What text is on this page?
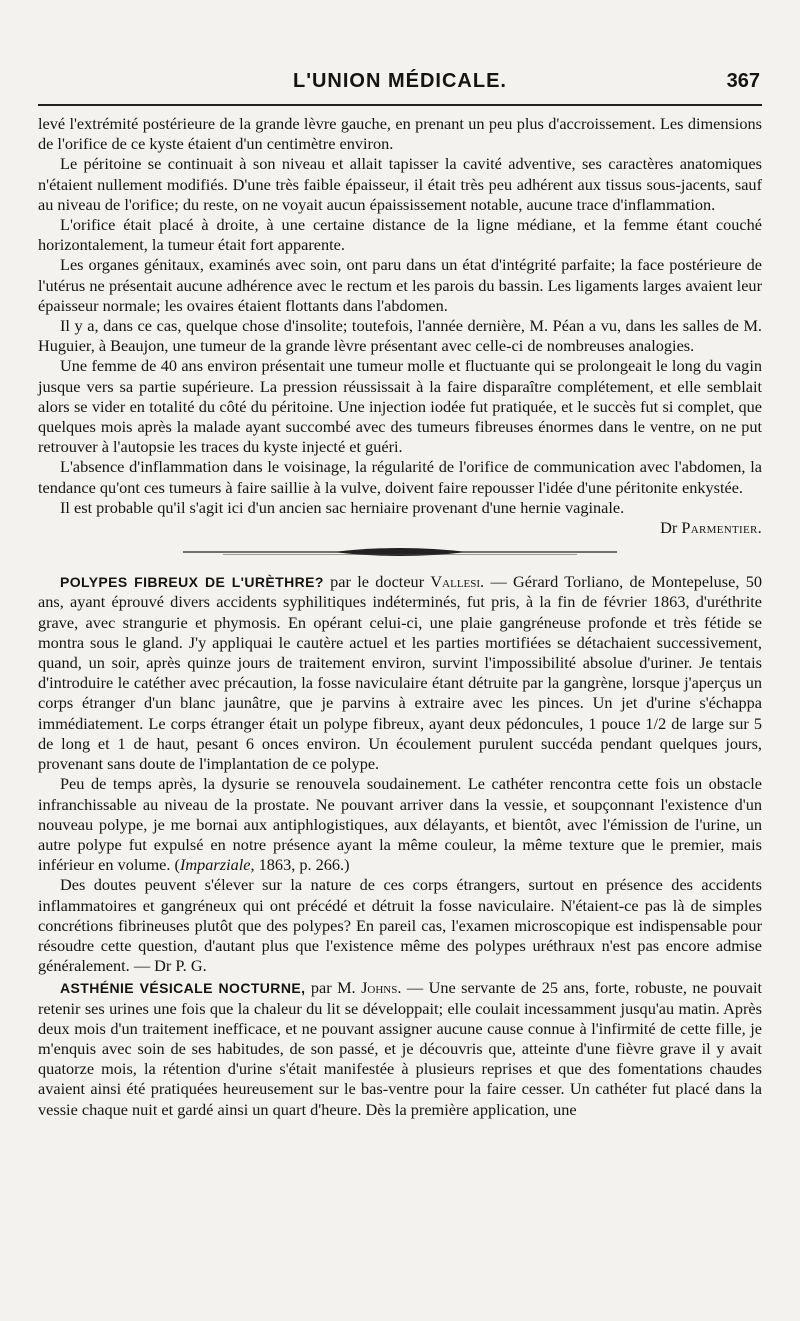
L'UNION MÉDICALE.	367

levé l'extrémité postérieure de la grande lèvre gauche, en prenant un peu plus d'accroissement. Les dimensions de l'orifice de ce kyste étaient d'un centimètre environ.

Le péritoine se continuait à son niveau et allait tapisser la cavité adventive, ses caractères anatomiques n'étaient nullement modifiés. D'une très faible épaisseur, il était très peu adhérent aux tissus sous-jacents, sauf au niveau de l'orifice; du reste, on ne voyait aucun épaississement notable, aucune trace d'inflammation.

L'orifice était placé à droite, à une certaine distance de la ligne médiane, et la femme étant couché horizontalement, la tumeur était fort apparente.

Les organes génitaux, examinés avec soin, ont paru dans un état d'intégrité parfaite; la face postérieure de l'utérus ne présentait aucune adhérence avec le rectum et les parois du bassin. Les ligaments larges avaient leur épaisseur normale; les ovaires étaient flottants dans l'abdomen.

Il y a, dans ce cas, quelque chose d'insolite; toutefois, l'année dernière, M. Péan a vu, dans les salles de M. Huguier, à Beaujon, une tumeur de la grande lèvre présentant avec celle-ci de nombreuses analogies.

Une femme de 40 ans environ présentait une tumeur molle et fluctuante qui se prolongeait le long du vagin jusque vers sa partie supérieure. La pression réussissait à la faire disparaître complétement, et elle semblait alors se vider en totalité du côté du péritoine. Une injection iodée fut pratiquée, et le succès fut si complet, que quelques mois après la malade ayant succombé avec des tumeurs fibreuses énormes dans le ventre, on ne put retrouver à l'autopsie les traces du kyste injecté et guéri.

L'absence d'inflammation dans le voisinage, la régularité de l'orifice de communication avec l'abdomen, la tendance qu'ont ces tumeurs à faire saillie à la vulve, doivent faire repousser l'idée d'une péritonite enkystée.

Il est probable qu'il s'agit ici d'un ancien sac herniaire provenant d'une hernie vaginale.

Dr Parmentier.

POLYPES FIBREUX DE L'URÈTHRE? par le docteur Vallesi. — Gérard Torliano, de Montepeluse, 50 ans, ayant éprouvé divers accidents syphilitiques indéterminés, fut pris, à la fin de février 1863, d'uréthrite grave, avec strangurie et phymosis. En opérant celui-ci, une plaie gangréneuse profonde et très fétide se montra sous le gland. J'y appliquai le cautère actuel et les parties mortifiées se détachaient successivement, quand, un soir, après quinze jours de traitement environ, survint l'impossibilité absolue d'uriner. Je tentais d'introduire le catéther avec précaution, la fosse naviculaire étant détruite par la gangrène, lorsque j'aperçus un corps étranger d'un blanc jaunâtre, que je parvins à extraire avec les pinces. Un jet d'urine s'échappa immédiatement. Le corps étranger était un polype fibreux, ayant deux pédoncules, 1 pouce 1/2 de large sur 5 de long et 1 de haut, pesant 6 onces environ. Un écoulement purulent succéda pendant quelques jours, provenant sans doute de l'implantation de ce polype.

Peu de temps après, la dysurie se renouvela soudainement. Le cathéter rencontra cette fois un obstacle infranchissable au niveau de la prostate. Ne pouvant arriver dans la vessie, et soupçonnant l'existence d'un nouveau polype, je me bornai aux antiphlogistiques, aux délayants, et bientôt, avec l'émission de l'urine, un autre polype fut expulsé en notre présence ayant la même couleur, la même texture que le premier, mais inférieur en volume. (Imparziale, 1863, p. 266.)

Des doutes peuvent s'élever sur la nature de ces corps étrangers, surtout en présence des accidents inflammatoires et gangréneux qui ont précédé et détruit la fosse naviculaire. N'étaient-ce pas là de simples concrétions fibrineuses plutôt que des polypes? En pareil cas, l'examen microscopique est indispensable pour résoudre cette question, d'autant plus que l'existence même des polypes uréthraux n'est pas encore admise généralement. — Dr P. G.

ASTHÉNIE VÉSICALE NOCTURNE, par M. Johns. — Une servante de 25 ans, forte, robuste, ne pouvait retenir ses urines une fois que la chaleur du lit se développait; elle coulait incessamment jusqu'au matin. Après deux mois d'un traitement inefficace, et ne pouvant assigner aucune cause connue à l'infirmité de cette fille, je m'enquis avec soin de ses habitudes, de son passé, et je découvris que, atteinte d'une fièvre grave il y avait quatorze mois, la rétention d'urine s'était manifestée à plusieurs reprises et que des fomentations chaudes avaient ainsi été pratiquées heureusement sur le bas-ventre pour la faire cesser. Un cathéter fut placé dans la vessie chaque nuit et gardé ainsi un quart d'heure. Dès la première application, une
